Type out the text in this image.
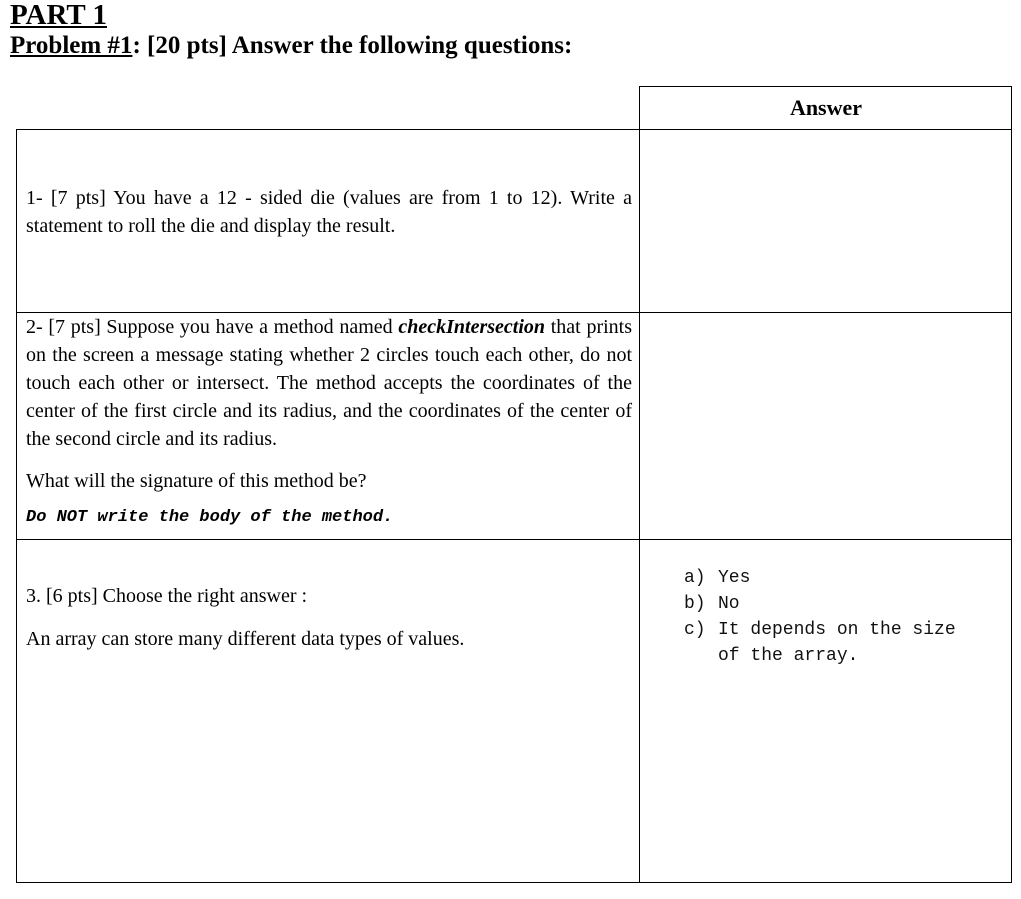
PART 1
Problem #1: [20 pts] Answer the following questions:
Answer
1- [7 pts] You have a 12 - sided die (values are from 1 to 12). Write a statement to roll the die and display the result.
2- [7 pts] Suppose you have a method named checkIntersection that prints on the screen a message stating whether 2 circles touch each other, do not touch each other or intersect. The method accepts the coordinates of the center of the first circle and its radius, and the coordinates of the center of the second circle and its radius.
What will the signature of this method be?
Do NOT write the body of the method.
3. [6 pts] Choose the right answer :
An array can store many different data types of values.
a) Yes
b) No
c) It depends on the size of the array.
